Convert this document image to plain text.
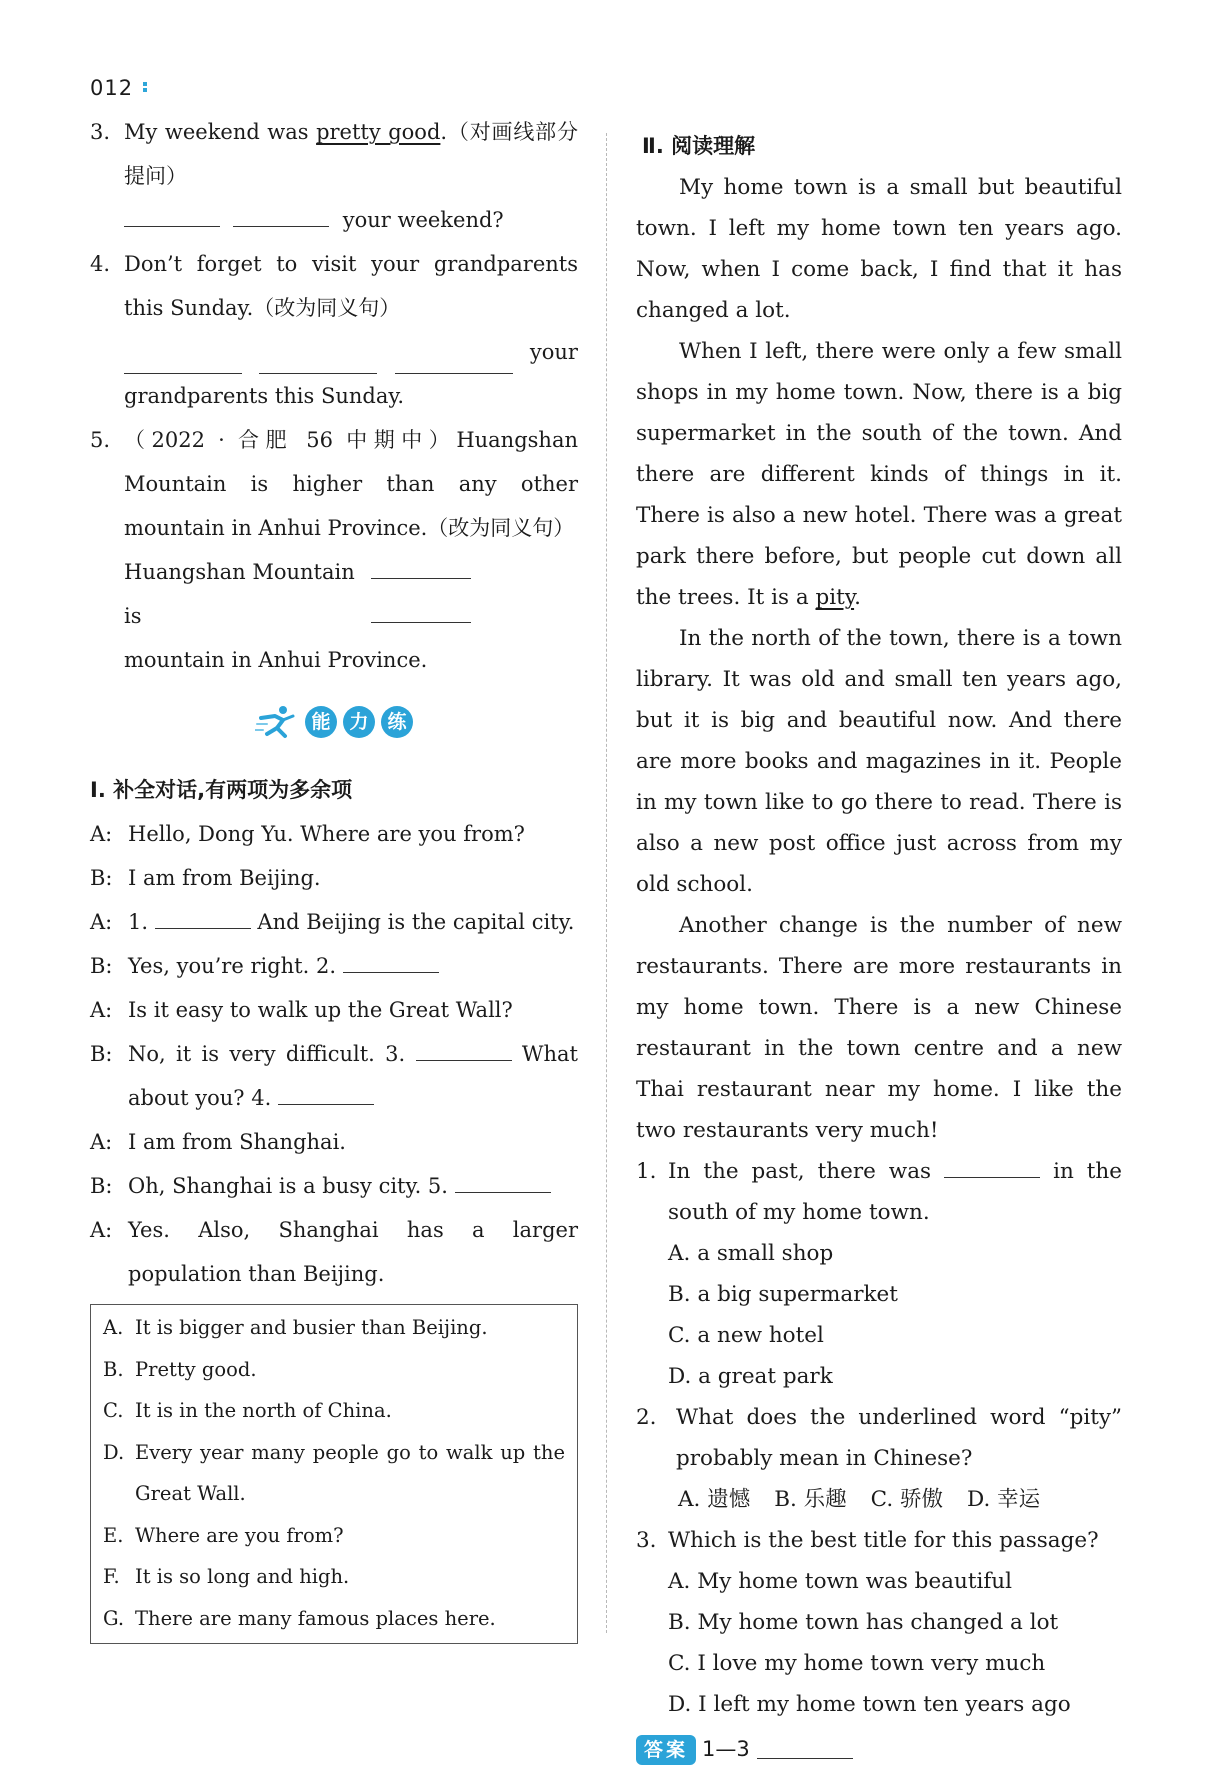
012
3. My weekend was pretty good.（对画线部分提问）
your weekend?
4. Don’t forget to visit your grandparents this Sunday.（改为同义句）
your
grandparents this Sunday.
5. （2022 · 合肥 56 中期中）Huangshan Mountain is higher than any other mountain in Anhui Province.（改为同义句）
Huangshan Mountain is

mountain in Anhui Province.
能 力 练
Ⅰ. 补全对话,有两项为多余项
A: Hello, Dong Yu. Where are you from?
B: I am from Beijing.
A: 1.	And Beijing is the capital city.
B: Yes, you’re right. 2.
A: Is it easy to walk up the Great Wall?
B: No, it is very difficult. 3.	What about you? 4.
A: I am from Shanghai.
B: Oh, Shanghai is a busy city. 5.
A: Yes. Also, Shanghai has a larger population than Beijing.
A. It is bigger and busier than Beijing.
B. Pretty good.
C. It is in the north of China.
D. Every year many people go to walk up the Great Wall.
E. Where are you from?
F. It is so long and high.
G. There are many famous places here.
Ⅱ. 阅读理解
My home town is a small but beautiful town. I left my home town ten years ago. Now, when I come back, I find that it has changed a lot.
When I left, there were only a few small shops in my home town. Now, there is a big supermarket in the south of the town. And there are different kinds of things in it. There is also a new hotel. There was a great park there before, but people cut down all the trees. It is a pity.
In the north of the town, there is a town library. It was old and small ten years ago, but it is big and beautiful now. And there are more books and magazines in it. People in my town like to go there to read. There is also a new post office just across from my old school.
Another change is the number of new restaurants. There are more restaurants in my home town. There is a new Chinese restaurant in the town centre and a new Thai restaurant near my home. I like the two restaurants very much!
1. In the past, there was	in the south of my home town.
A. a small shop
B. a big supermarket
C. a new hotel
D. a great park
2. What does the underlined word “pity” probably mean in Chinese?
A. 遗憾 B. 乐趣 C. 骄傲 D. 幸运
3. Which is the best title for this passage?
A. My home town was beautiful
B. My home town has changed a lot
C. I love my home town very much
D. I left my home town ten years ago
答案 1—3
